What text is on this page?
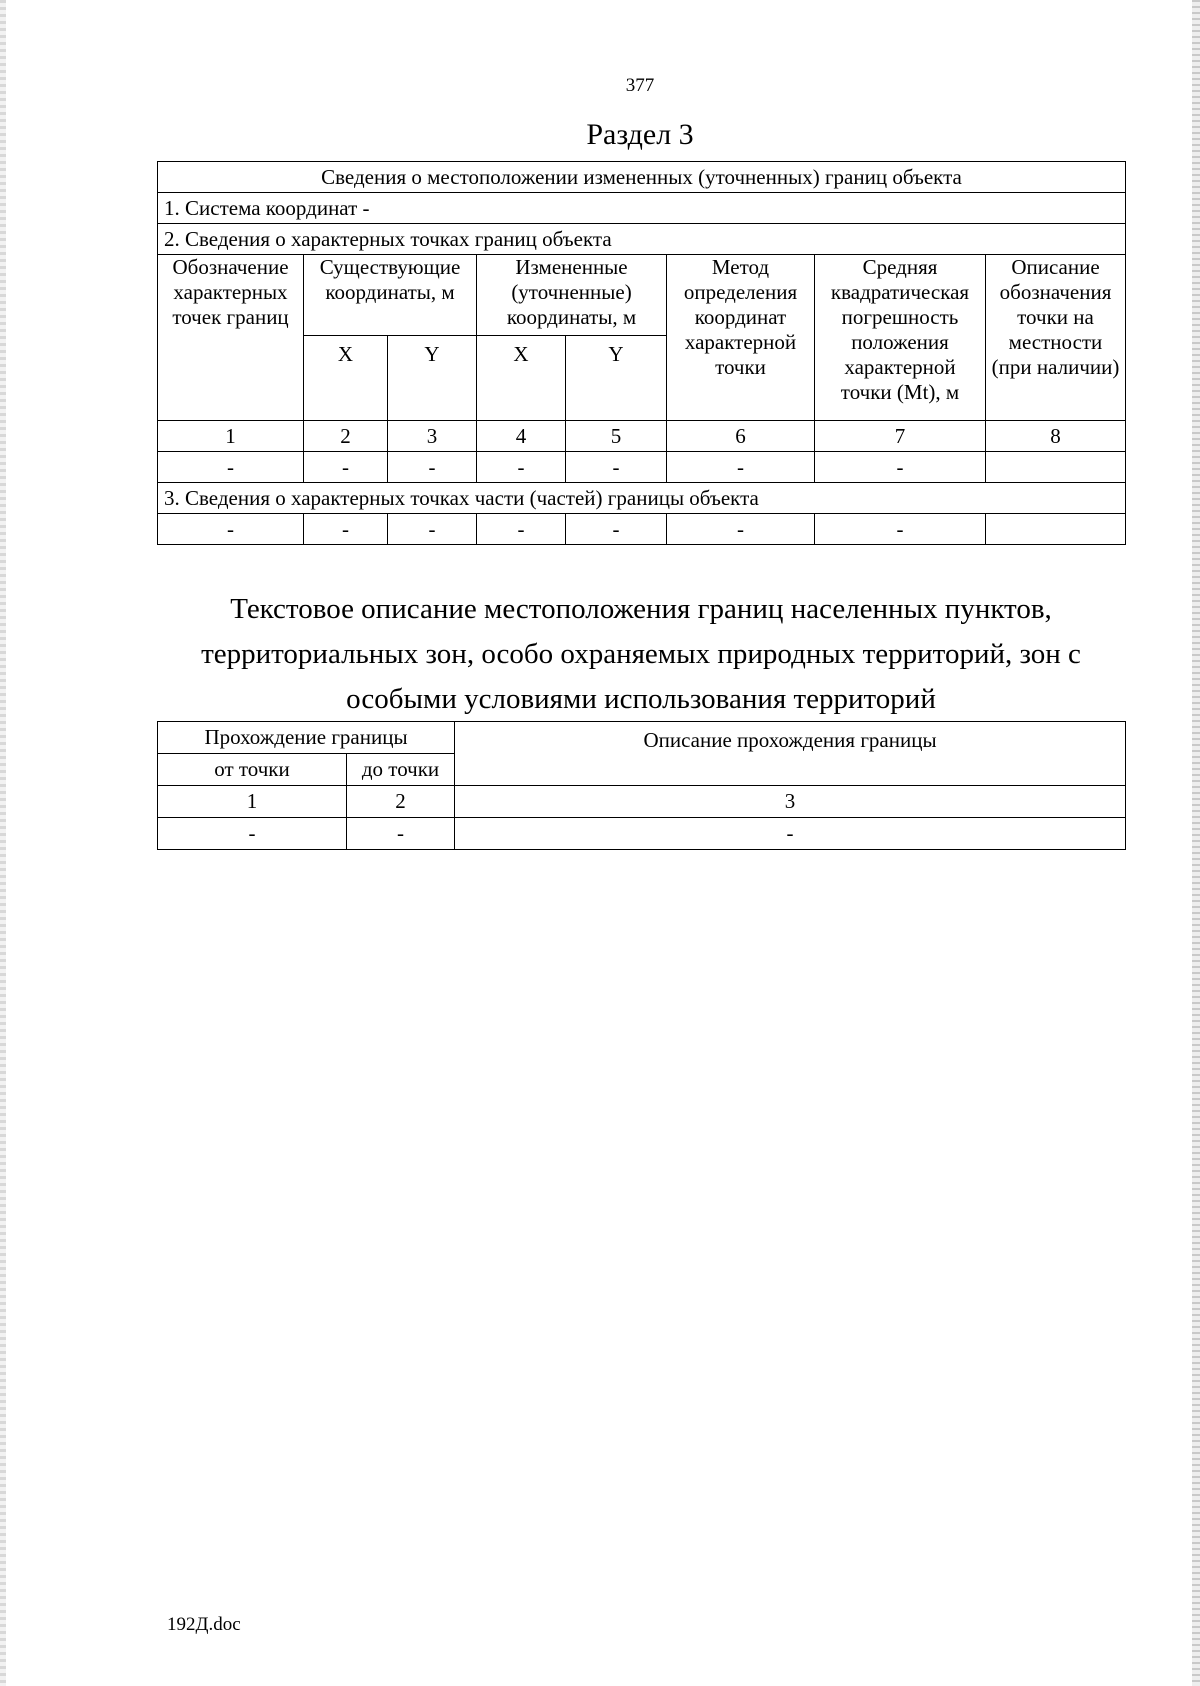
377
Раздел 3
Сведения о местоположении измененных (уточненных) границ объекта							
1. Система координат -							
2. Сведения о характерных точках границ объекта							
Обозначение характерных точек границ	Существующие координаты, м		Измененные (уточненные) координаты, м		Метод определения координат характерной точки	Средняя квадратическая погрешность положения характерной точки (Мt), м	Описание обозначения точки на местности (при наличии)
	X	Y	X	Y			
1	2	3	4	5	6	7	8
-	-	-	-	-	-	-	
3. Сведения о характерных точках части (частей) границы объекта							
-	-	-	-	-	-	-	
Текстовое описание местоположения границ населенных пунктов, территориальных зон, особо охраняемых природных территорий, зон с особыми условиями использования территорий
Прохождение границы		Описание прохождения границы
от точки	до точки	
1	2	3
-	-	-
192Д.doc
